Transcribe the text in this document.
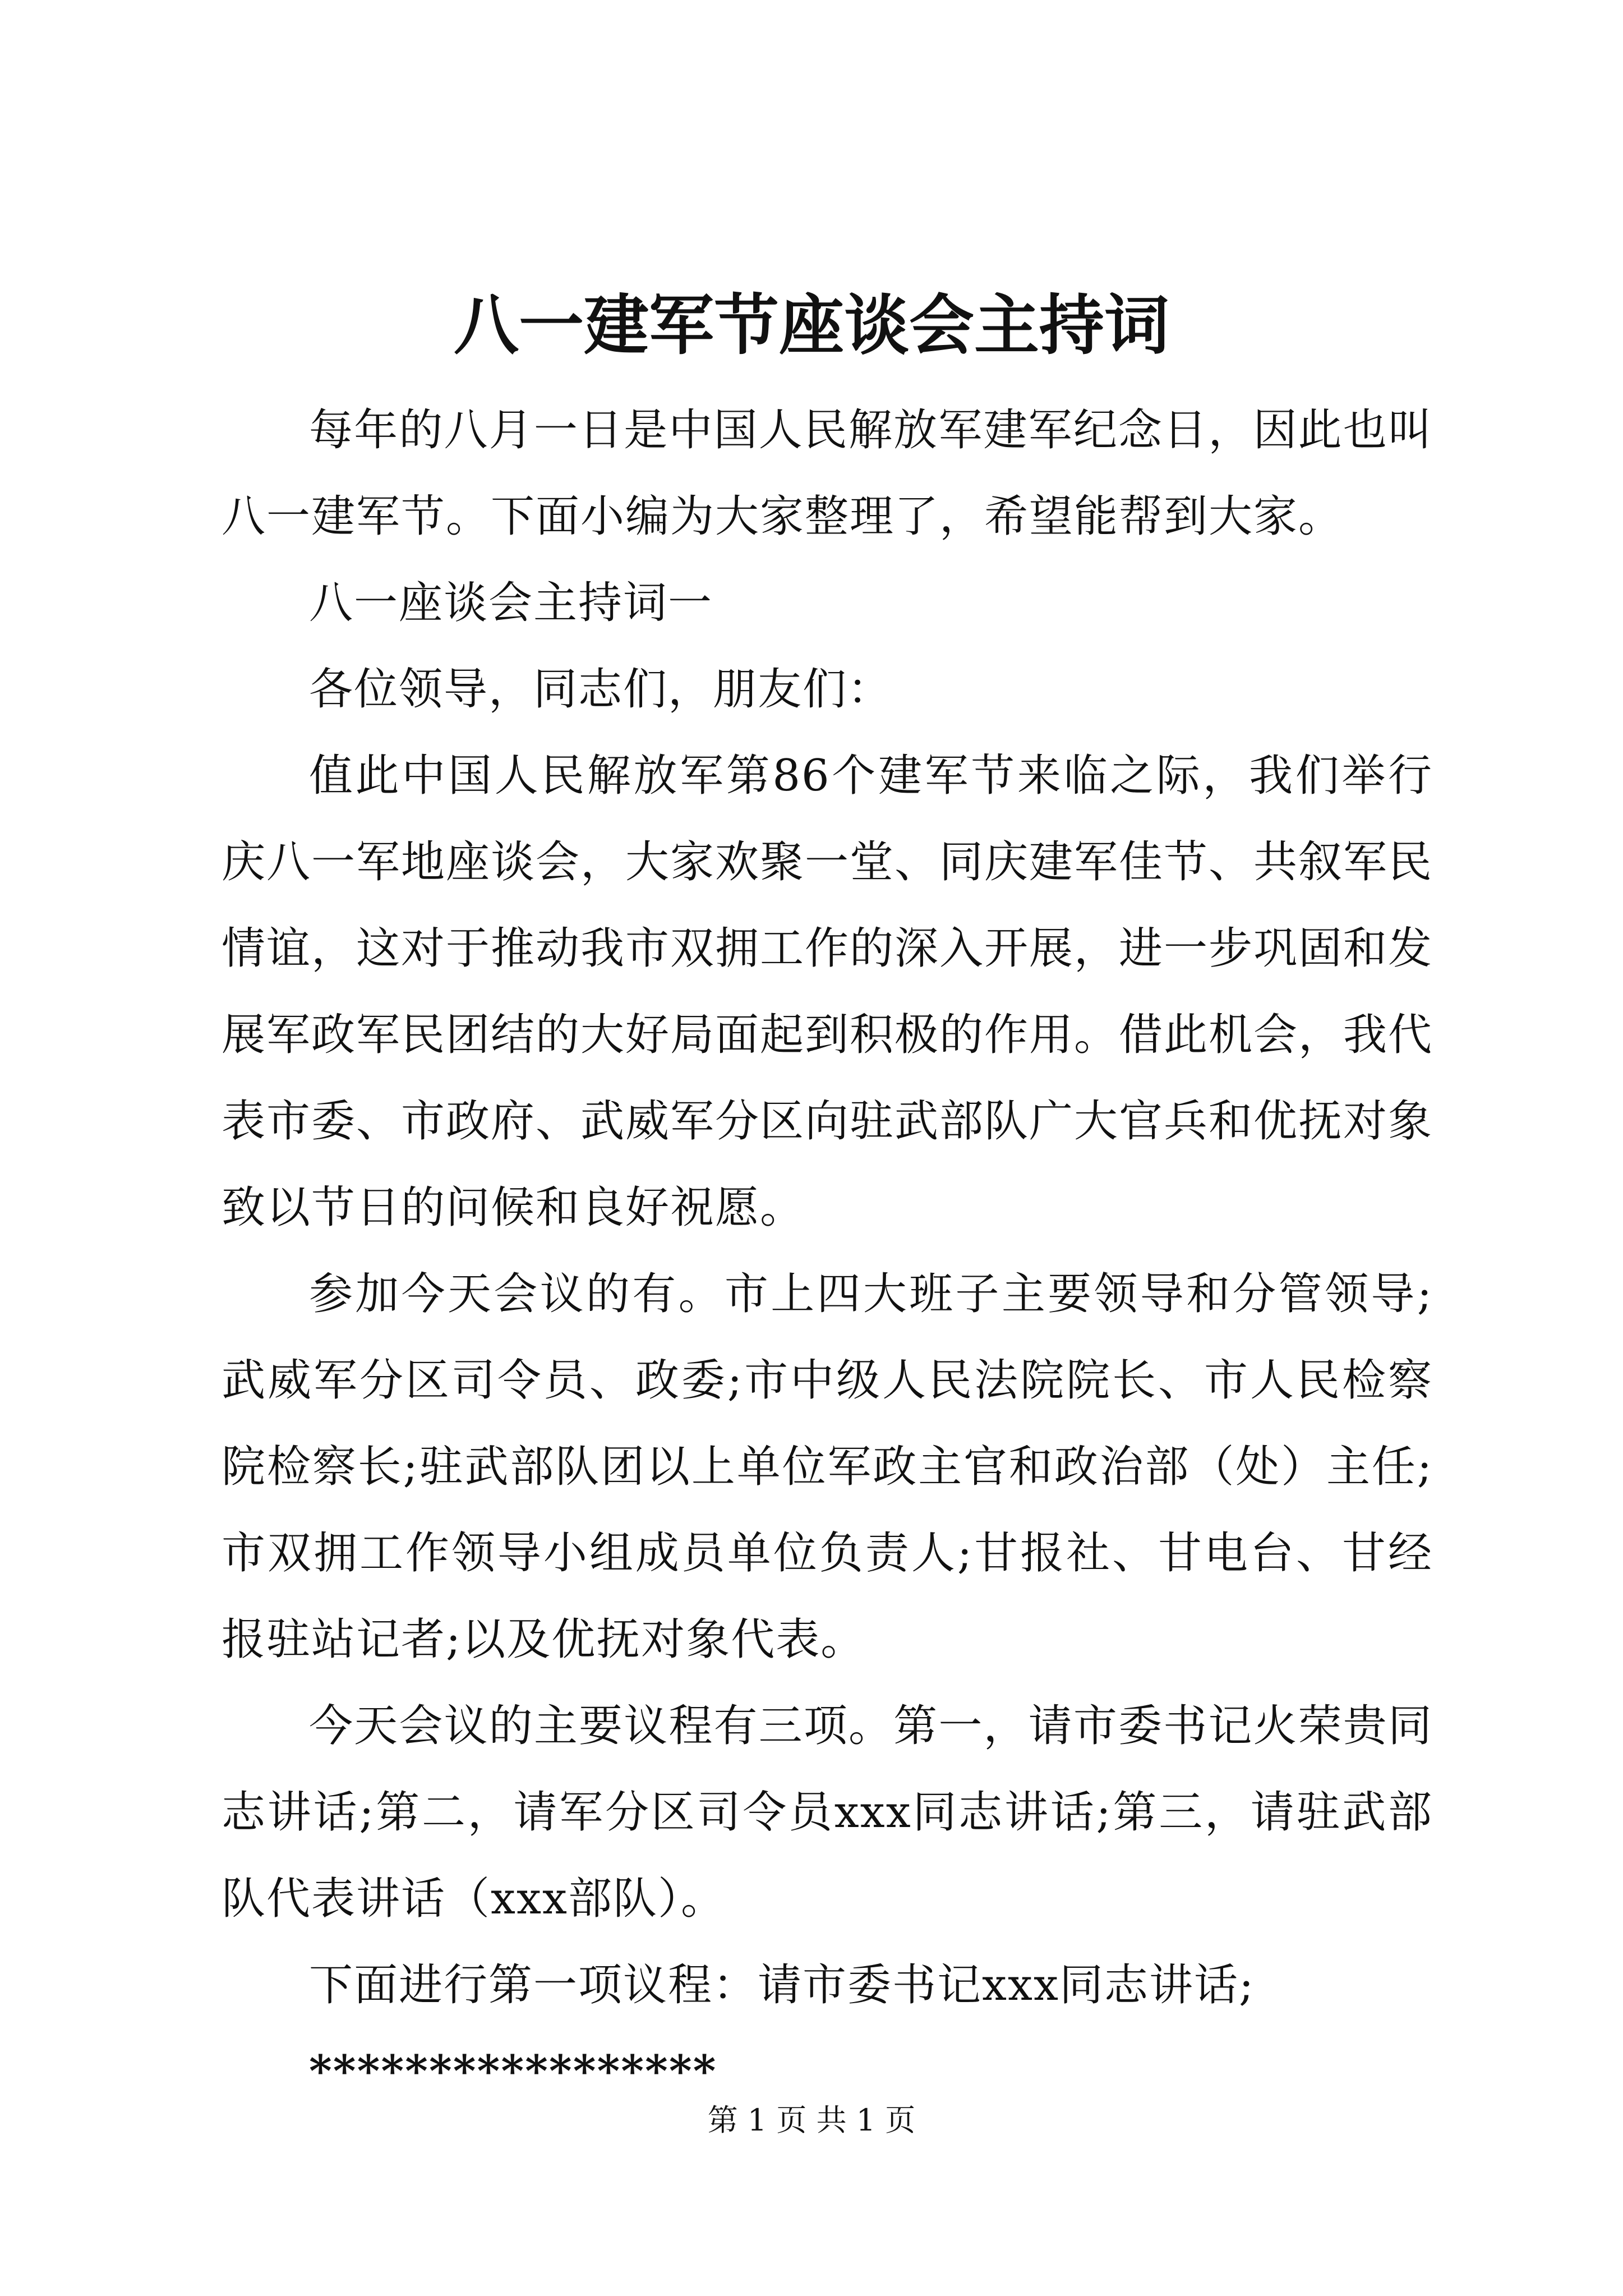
八一建军节座谈会主持词

每年的八月一日是中国人民解放军建军纪念日，因此也叫八一建军节。下面小编为大家整理了，希望能帮到大家。

八一座谈会主持词一

各位领导，同志们，朋友们：

值此中国人民解放军第86个建军节来临之际，我们举行庆八一军地座谈会，大家欢聚一堂、同庆建军佳节、共叙军民情谊，这对于推动我市双拥工作的深入开展，进一步巩固和发展军政军民团结的大好局面起到积极的作用。借此机会，我代表市委、市政府、武威军分区向驻武部队广大官兵和优抚对象致以节日的问候和良好祝愿。

参加今天会议的有。市上四大班子主要领导和分管领导;武威军分区司令员、政委;市中级人民法院院长、市人民检察院检察长;驻武部队团以上单位军政主官和政治部（处）主任;市双拥工作领导小组成员单位负责人;甘报社、甘电台、甘经报驻站记者;以及优抚对象代表。

今天会议的主要议程有三项。第一，请市委书记火荣贵同志讲话;第二，请军分区司令员xxx同志讲话;第三，请驻武部队代表讲话（xxx部队）。

下面进行第一项议程：请市委书记xxx同志讲话;

*****************

第 1 页 共 1 页
